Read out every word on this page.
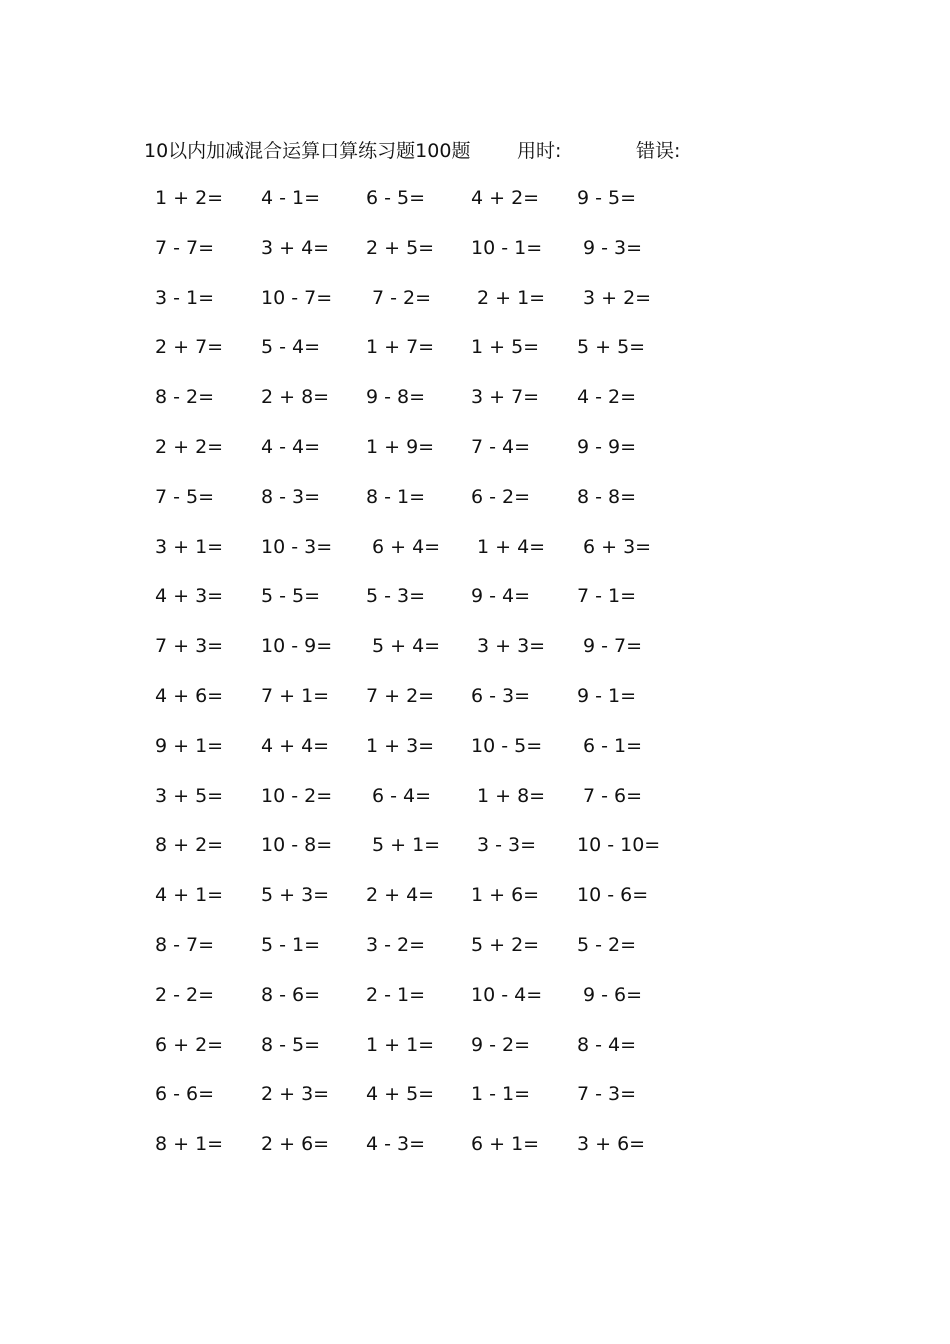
10以内加减混合运算口算练习题100题 用时:	错误:
1 + 2= 4 - 1= 6 - 5= 4 + 2= 9 - 5=
7 - 7= 3 + 4= 2 + 5= 10 - 1= 9 - 3=
3 - 1= 10 - 7= 7 - 2= 2 + 1= 3 + 2=
2 + 7= 5 - 4= 1 + 7= 1 + 5= 5 + 5=
8 - 2= 2 + 8= 9 - 8= 3 + 7= 4 - 2=
2 + 2= 4 - 4= 1 + 9= 7 - 4= 9 - 9=
7 - 5= 8 - 3= 8 - 1= 6 - 2= 8 - 8=
3 + 1= 10 - 3= 6 + 4= 1 + 4= 6 + 3=
4 + 3= 5 - 5= 5 - 3= 9 - 4= 7 - 1=
7 + 3= 10 - 9= 5 + 4= 3 + 3= 9 - 7=
4 + 6= 7 + 1= 7 + 2= 6 - 3= 9 - 1=
9 + 1= 4 + 4= 1 + 3= 10 - 5= 6 - 1=
3 + 5= 10 - 2= 6 - 4= 1 + 8= 7 - 6=
8 + 2= 10 - 8= 5 + 1= 3 - 3= 10 - 10=
4 + 1= 5 + 3= 2 + 4= 1 + 6= 10 - 6=
8 - 7= 5 - 1= 3 - 2= 5 + 2= 5 - 2=
2 - 2= 8 - 6= 2 - 1= 10 - 4= 9 - 6=
6 + 2= 8 - 5= 1 + 1= 9 - 2= 8 - 4=
6 - 6= 2 + 3= 4 + 5= 1 - 1= 7 - 3=
8 + 1= 2 + 6= 4 - 3= 6 + 1= 3 + 6=
